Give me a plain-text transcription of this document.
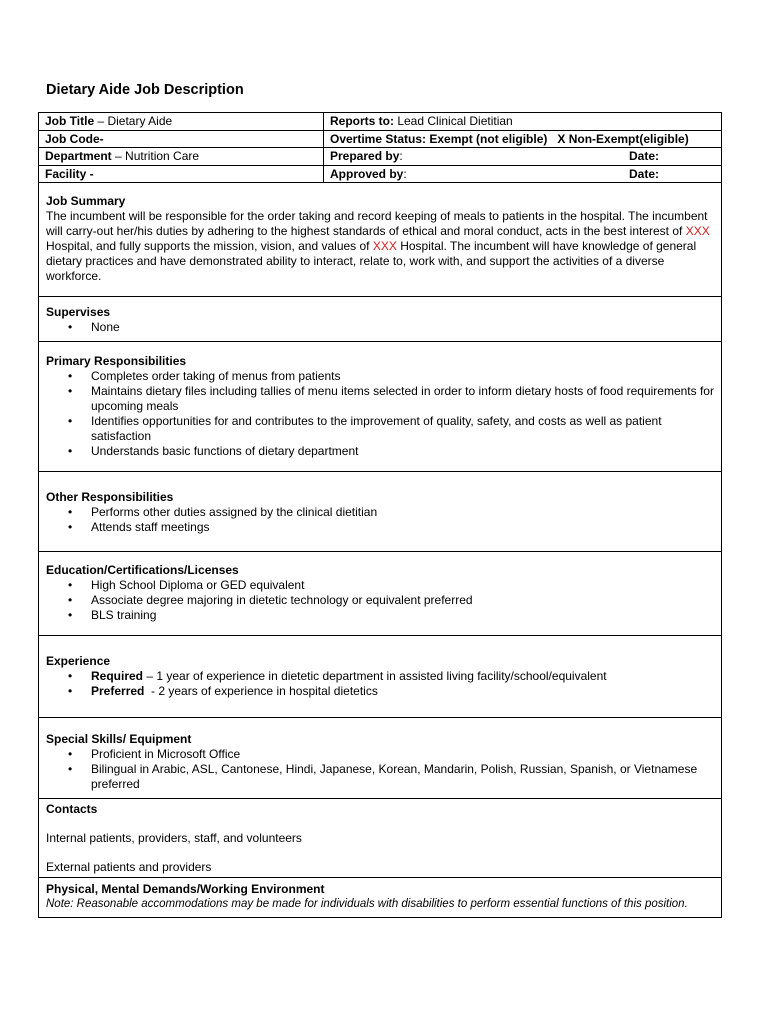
Dietary Aide Job Description
Job Title – Dietary Aide
Job Code-
Department – Nutrition Care
Facility -
Reports to: Lead Clinical Dietitian
Overtime Status: Exempt (not eligible)   X Non-Exempt(eligible)
Prepared by:	Date:
Approved by:	Date:
Job Summary

The incumbent will be responsible for the order taking and record keeping of meals to patients in the hospital. The incumbent will carry-out her/his duties by adhering to the highest standards of ethical and moral conduct, acts in the best interest of XXX Hospital, and fully supports the mission, vision, and values of XXX Hospital. The incumbent will have knowledge of general dietary practices and have demonstrated ability to interact, relate to, work with, and support the activities of a diverse workforce.

Supervises
• None
Primary Responsibilities
• Completes order taking of menus from patients
• Maintains dietary files including tallies of menu items selected in order to inform dietary hosts of food requirements for upcoming meals
• Identifies opportunities for and contributes to the improvement of quality, safety, and costs as well as patient satisfaction
• Understands basic functions of dietary department
Other Responsibilities
• Performs other duties assigned by the clinical dietitian
• Attends staff meetings
Education/Certifications/Licenses
• High School Diploma or GED equivalent
• Associate degree majoring in dietetic technology or equivalent preferred
• BLS training
Experience
• Required – 1 year of experience in dietetic department in assisted living facility/school/equivalent
• Preferred  - 2 years of experience in hospital dietetics
Special Skills/ Equipment
• Proficient in Microsoft Office
• Bilingual in Arabic, ASL, Cantonese, Hindi, Japanese, Korean, Mandarin, Polish, Russian, Spanish, or Vietnamese preferred
Contacts

Internal patients, providers, staff, and volunteers

External patients and providers

Physical, Mental Demands/Working Environment

Note: Reasonable accommodations may be made for individuals with disabilities to perform essential functions of this position.
